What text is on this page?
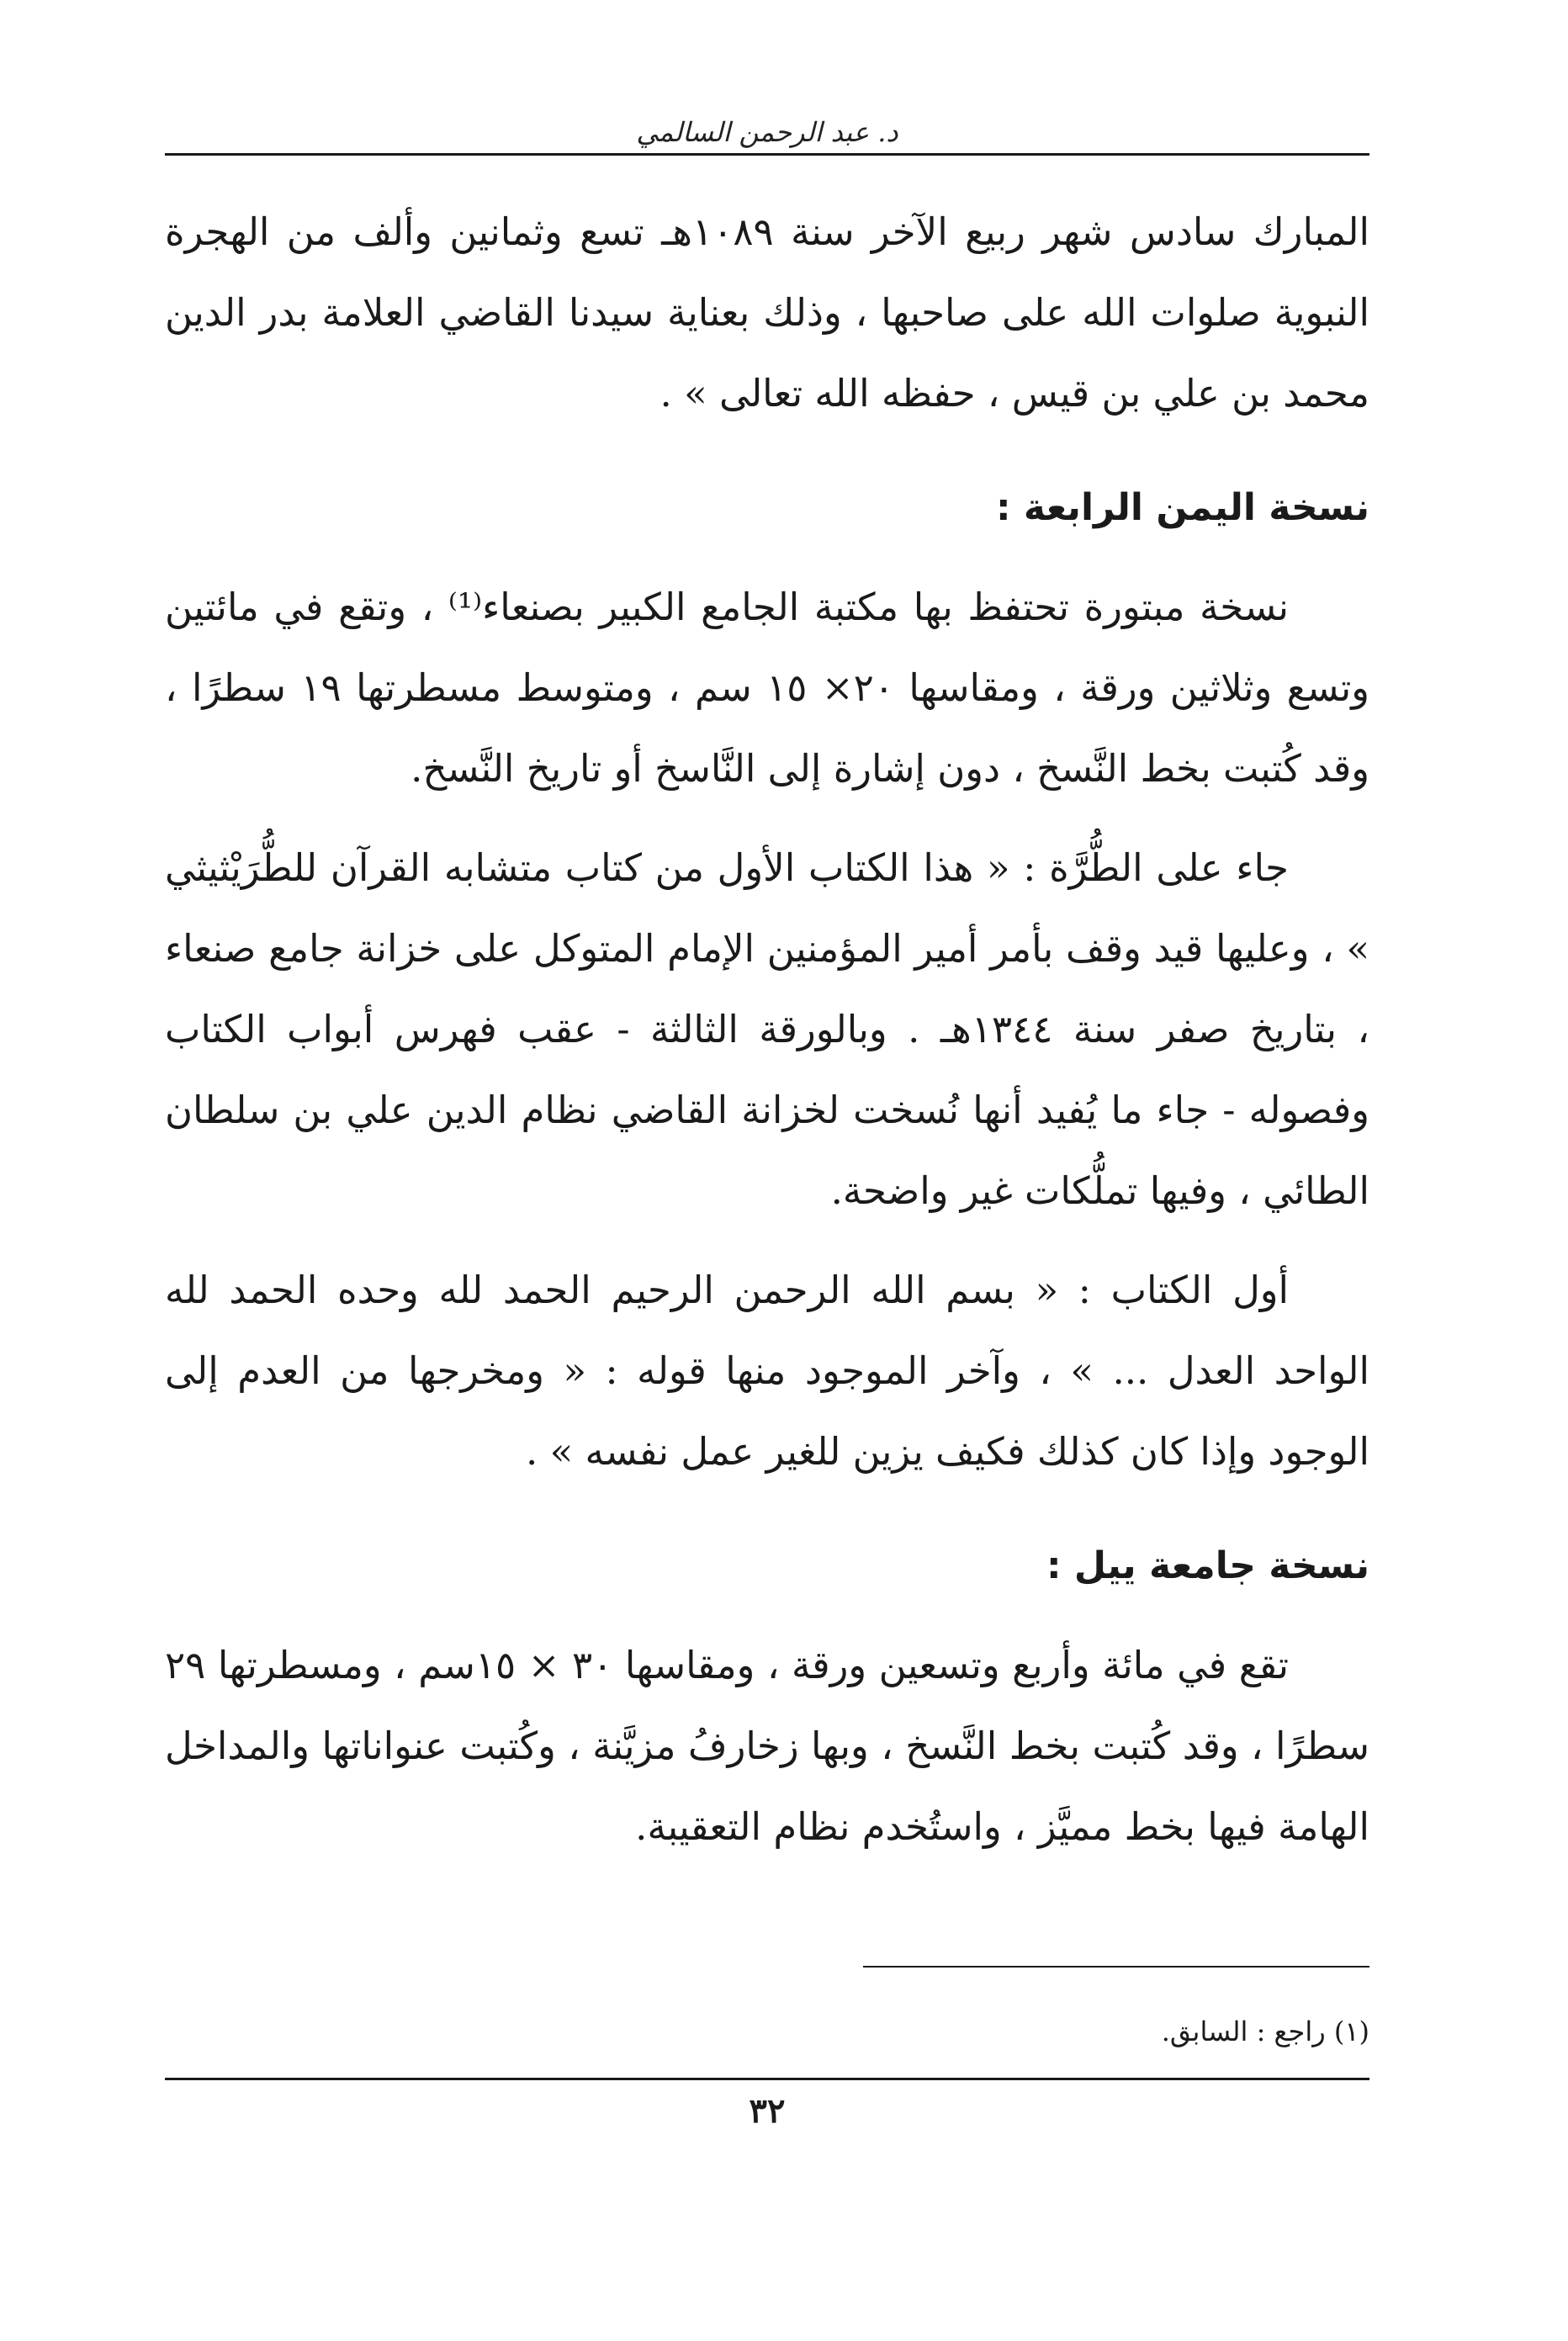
د. عبد الرحمن السالمي

المبارك سادس شهر ربيع الآخر سنة ١٠٨٩هـ تسع وثمانين وألف من الهجرة النبوية صلوات الله على صاحبها ، وذلك بعناية سيدنا القاضي العلامة بدر الدين محمد بن علي بن قيس ، حفظه الله تعالى » .

نسخة اليمن الرابعة :

نسخة مبتورة تحتفظ بها مكتبة الجامع الكبير بصنعاء⁽¹⁾ ، وتقع في مائتين وتسع وثلاثين ورقة ، ومقاسها ٢٠× ١٥ سم ، ومتوسط مسطرتها ١٩ سطرًا ، وقد كُتبت بخط النَّسخ ، دون إشارة إلى النَّاسخ أو تاريخ النَّسخ.

جاء على الطُّرَّة : « هذا الكتاب الأول من كتاب متشابه القرآن للطُّرَيْثيثي » ، وعليها قيد وقف بأمر أمير المؤمنين الإمام المتوكل على خزانة جامع صنعاء ، بتاريخ صفر سنة ١٣٤٤هـ . وبالورقة الثالثة - عقب فهرس أبواب الكتاب وفصوله - جاء ما يُفيد أنها نُسخت لخزانة القاضي نظام الدين علي بن سلطان الطائي ، وفيها تملُّكات غير واضحة.

أول الكتاب : « بسم الله الرحمن الرحيم الحمد لله وحده الحمد لله الواحد العدل ... » ، وآخر الموجود منها قوله : « ومخرجها من العدم إلى الوجود وإذا كان كذلك فكيف يزين للغير عمل نفسه » .

نسخة جامعة ييل :

تقع في مائة وأربع وتسعين ورقة ، ومقاسها ٣٠ × ١٥سم ، ومسطرتها ٢٩ سطرًا ، وقد كُتبت بخط النَّسخ ، وبها زخارفُ مزيَّنة ، وكُتبت عنواناتها والمداخل الهامة فيها بخط مميَّز ، واستُخدم نظام التعقيبة.

(١) راجع : السابق.
٣٢
